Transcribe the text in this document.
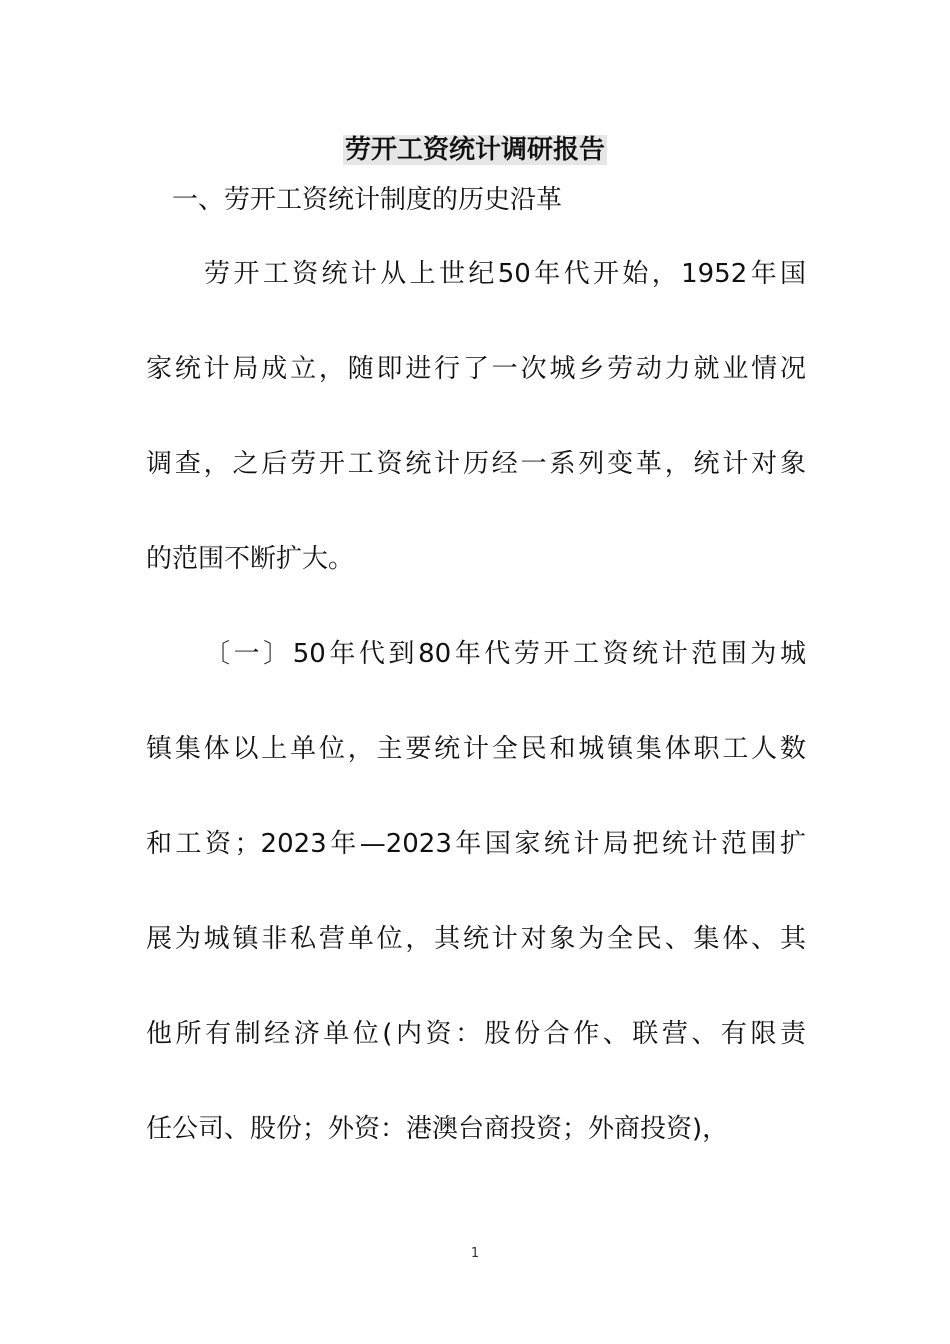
劳开工资统计调研报告

一、劳开工资统计制度的历史沿革

劳开工资统计从上世纪50年代开始，1952年国
家统计局成立，随即进行了一次城乡劳动力就业情况
调查，之后劳开工资统计历经一系列变革，统计对象
的范围不断扩大。
〔一〕50年代到80年代劳开工资统计范围为城
镇集体以上单位，主要统计全民和城镇集体职工人数
和工资；2023年—2023年国家统计局把统计范围扩
展为城镇非私营单位，其统计对象为全民、集体、其
他所有制经济单位(内资：股份合作、联营、有限责
任公司、股份；外资：港澳台商投资；外商投资)，
1
